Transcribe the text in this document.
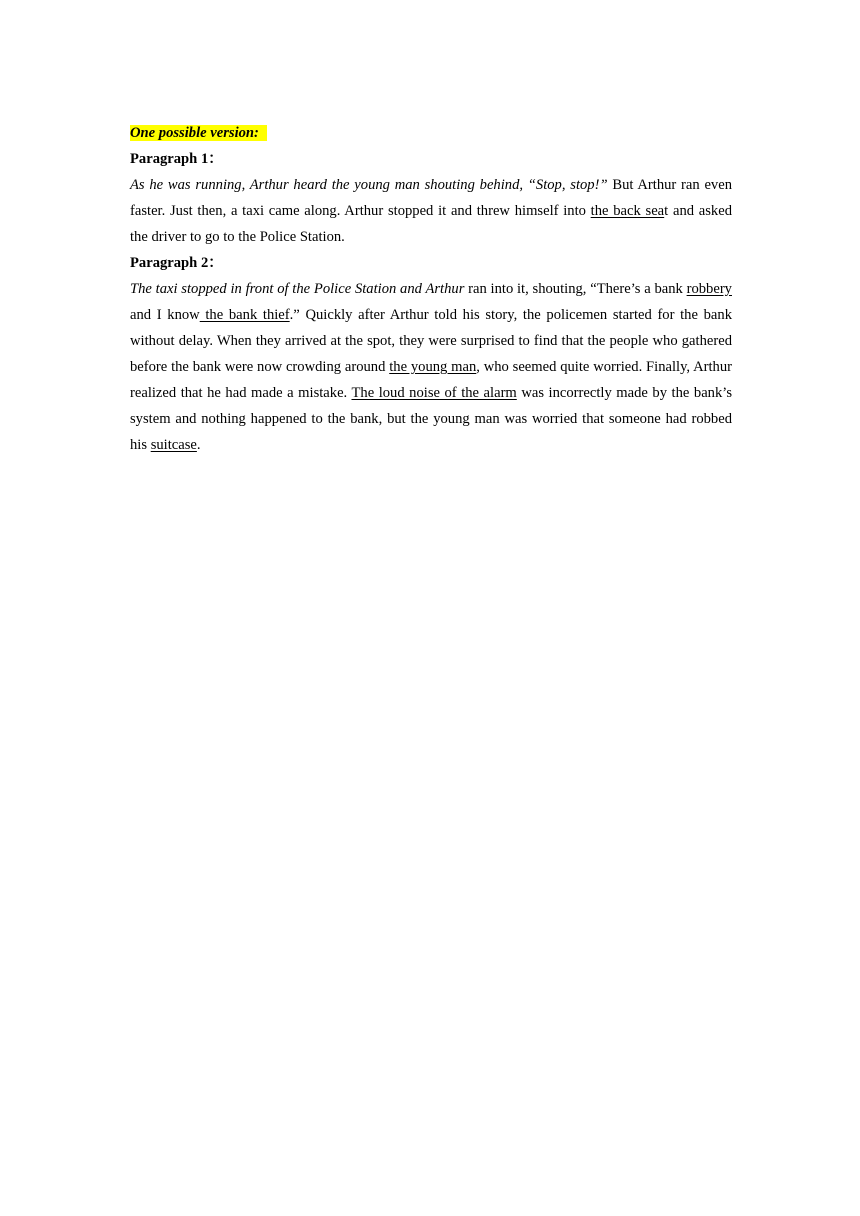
One possible version:

Paragraph 1：

As he was running, Arthur heard the young man shouting behind, “Stop, stop!” But Arthur ran even faster. Just then, a taxi came along. Arthur stopped it and threw himself into the back seat and asked the driver to go to the Police Station.

Paragraph 2：

The taxi stopped in front of the Police Station and Arthur ran into it, shouting, “There’s a bank robbery and I know the bank thief.” Quickly after Arthur told his story, the policemen started for the bank without delay. When they arrived at the spot, they were surprised to find that the people who gathered before the bank were now crowding around the young man, who seemed quite worried. Finally, Arthur realized that he had made a mistake. The loud noise of the alarm was incorrectly made by the bank’s system and nothing happened to the bank, but the young man was worried that someone had robbed his suitcase.
